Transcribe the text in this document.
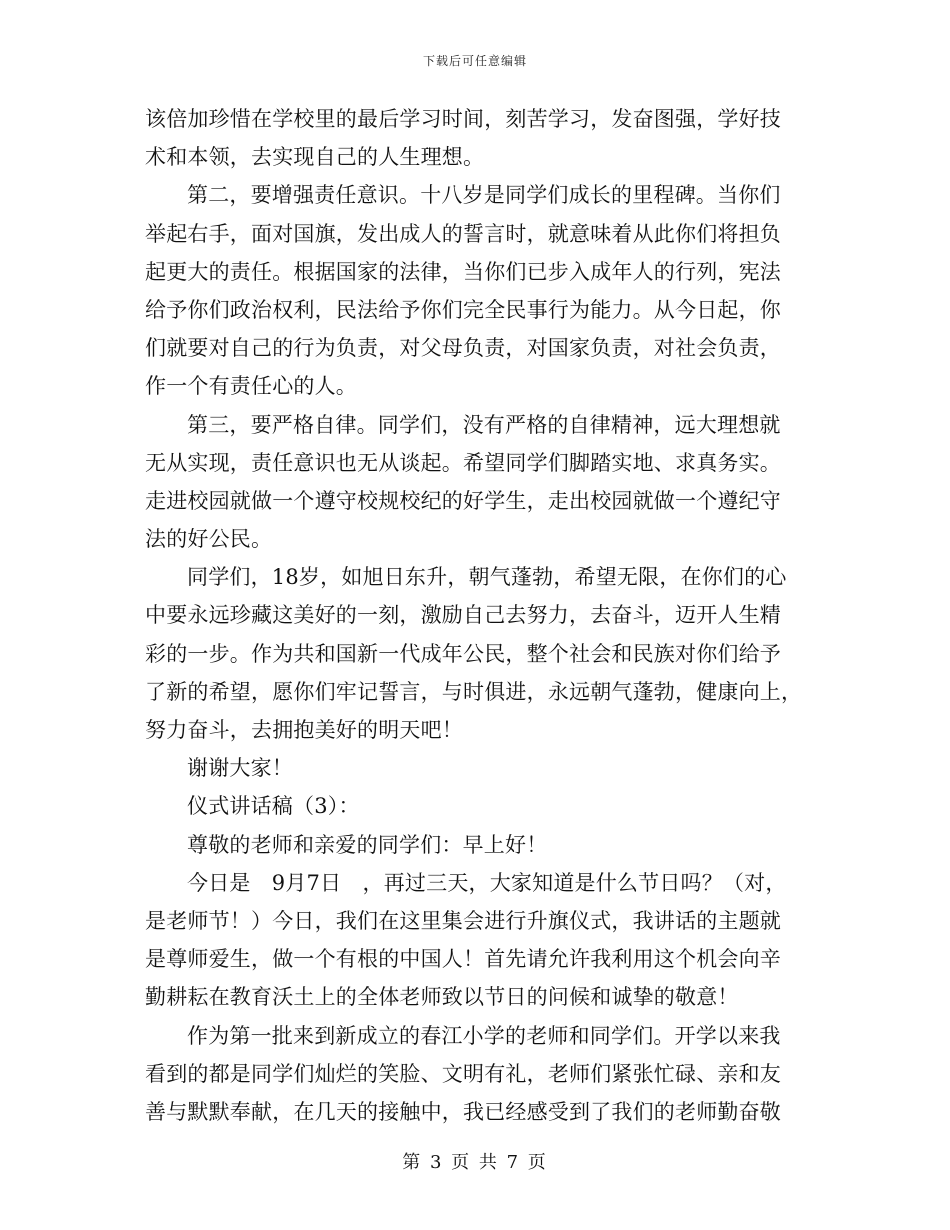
下载后可任意编辑
该倍加珍惜在学校里的最后学习时间，刻苦学习，发奋图强，学好技
术和本领，去实现自己的人生理想。
第二，要增强责任意识。十八岁是同学们成长的里程碑。当你们
举起右手，面对国旗，发出成人的誓言时，就意味着从此你们将担负
起更大的责任。根据国家的法律，当你们已步入成年人的行列，宪法
给予你们政治权利，民法给予你们完全民事行为能力。从今日起，你
们就要对自己的行为负责，对父母负责，对国家负责，对社会负责，
作一个有责任心的人。
第三，要严格自律。同学们，没有严格的自律精神，远大理想就
无从实现，责任意识也无从谈起。希望同学们脚踏实地、求真务实。
走进校园就做一个遵守校规校纪的好学生，走出校园就做一个遵纪守
法的好公民。
同学们，18岁，如旭日东升，朝气蓬勃，希望无限，在你们的心
中要永远珍藏这美好的一刻，激励自己去努力，去奋斗，迈开人生精
彩的一步。作为共和国新一代成年公民，整个社会和民族对你们给予
了新的希望，愿你们牢记誓言，与时俱进，永远朝气蓬勃，健康向上，
努力奋斗，去拥抱美好的明天吧！
谢谢大家！
仪式讲话稿（3）：
尊敬的老师和亲爱的同学们：早上好！
今日是　9月7日　，再过三天，大家知道是什么节日吗？（对，
是老师节！）今日，我们在这里集会进行升旗仪式，我讲话的主题就
是尊师爱生，做一个有根的中国人！首先请允许我利用这个机会向辛
勤耕耘在教育沃土上的全体老师致以节日的问候和诚挚的敬意！
作为第一批来到新成立的春江小学的老师和同学们。开学以来我
看到的都是同学们灿烂的笑脸、文明有礼，老师们紧张忙碌、亲和友
善与默默奉献，在几天的接触中，我已经感受到了我们的老师勤奋敬
第 3 页 共 7 页
